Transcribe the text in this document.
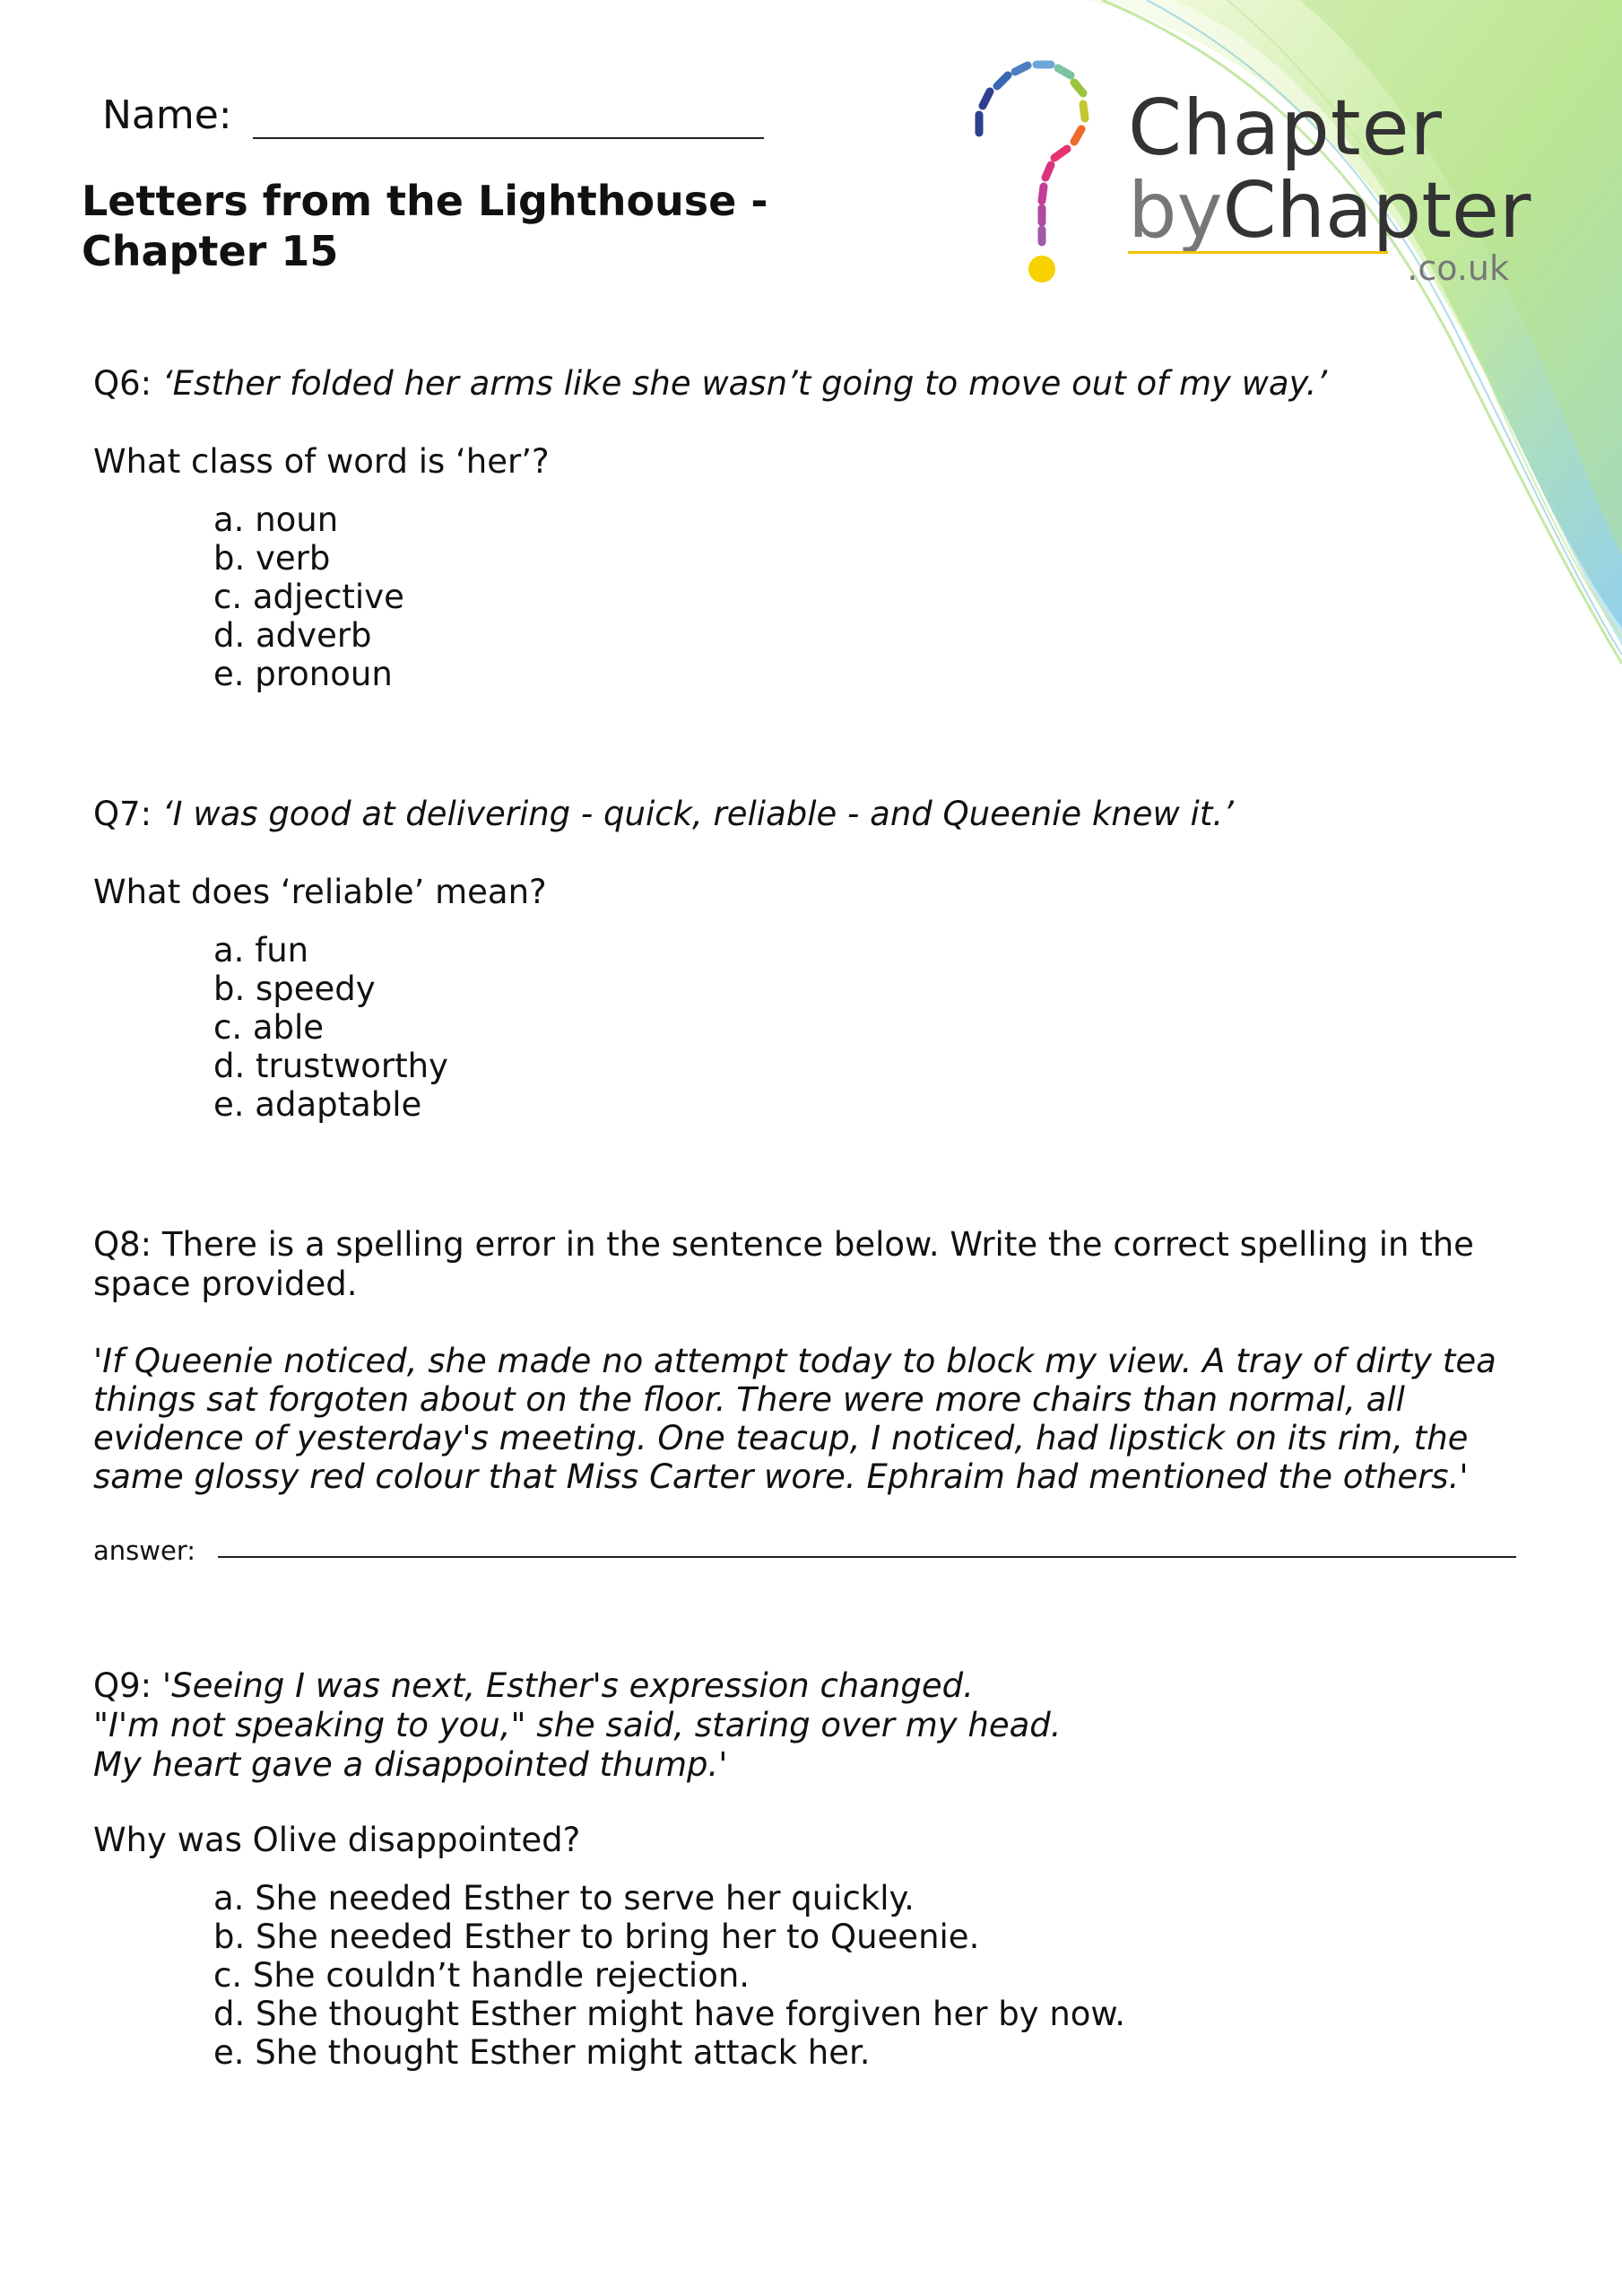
Name:
Letters from the Lighthouse -
Chapter 15
Chapter
byChapter
.co.uk
Q6: ‘Esther folded her arms like she wasn’t going to move out of my way.’
What class of word is ‘her’?
a. noun
b. verb
c. adjective
d. adverb
e. pronoun
Q7: ‘I was good at delivering - quick, reliable - and Queenie knew it.’
What does ‘reliable’ mean?
a. fun
b. speedy
c. able
d. trustworthy
e. adaptable
Q8: There is a spelling error in the sentence below. Write the correct spelling in the
space provided.
'If Queenie noticed, she made no attempt today to block my view. A tray of dirty tea
things sat forgoten about on the floor. There were more chairs than normal, all
evidence of yesterday's meeting. One teacup, I noticed, had lipstick on its rim, the
same glossy red colour that Miss Carter wore. Ephraim had mentioned the others.'
answer:
Q9: 'Seeing I was next, Esther's expression changed.
"I'm not speaking to you," she said, staring over my head.
My heart gave a disappointed thump.'
Why was Olive disappointed?
a. She needed Esther to serve her quickly.
b. She needed Esther to bring her to Queenie.
c. She couldn’t handle rejection.
d. She thought Esther might have forgiven her by now.
e. She thought Esther might attack her.
